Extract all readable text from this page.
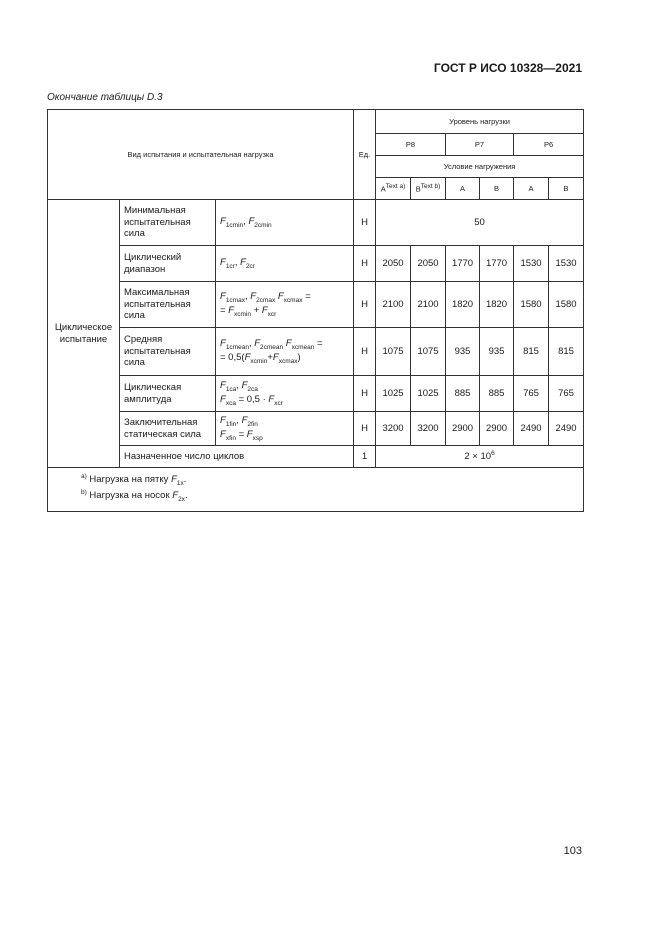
ГОСТ Р ИСО 10328—2021
Окончание таблицы D.3
Вид испытания и испытательная нагрузка			Ед.	Уровень нагрузки					
				P8		P7		P6	
				Условие нагружения					
				$A^{Text a)}$	$B^{Text b)}$	A	B	A	B
Циклическое испытание	Минимальная испытательная сила	$F_{1cmin}$, $F_{2cmin}$	Н	50					
	Циклический диапазон	$F_{1cr}$, $F_{2cr}$	Н	2050	2050	1770	1770	1530	1530
	Максимальная испытательная сила	$F_{1cmax}$, $F_{2cmax}$ $F_{xcmax}$ =
= $F_{xcmin} + F_{xcr}$	Н	2100	2100	1820	1820	1580	1580
	Средняя испытательная сила	$F_{1cmean}$, $F_{2cmean}$ $F_{xcmean}$ =
= $0,5(F_{xcmin}+F_{xcmax})$	Н	1075	1075	935	935	815	815
	Циклическая амплитуда	$F_{1ca}$, $F_{2ca}$
$F_{xca} = 0,5 \cdot F_{xcr}$	Н	1025	1025	885	885	765	765
	Заключительная статическая сила	$F_{1fin}$, $F_{2fin}$
$F_{xfin} = F_{xsp}$	Н	3200	3200	2900	2900	2490	2490
	Назначенное число циклов		1	$2 \times 10^6$

$^{a)}$ Нагрузка на пятку $F_{1x}$.
$^{b)}$ Нагрузка на носок $F_{2x}$.									
103
